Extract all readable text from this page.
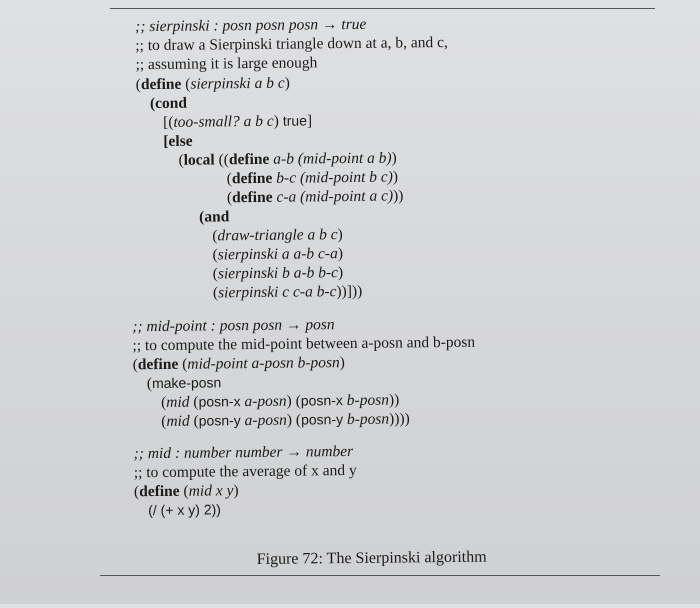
;; sierpinski : posn posn posn → true
;; to draw a Sierpinski triangle down at a, b, and c,
;; assuming it is large enough
(define (sierpinski a b c)
(cond
[(too-small? a b c) true]
[else
(local ((define a-b (mid-point a b))
(define b-c (mid-point b c))
(define c-a (mid-point a c)))
(and
(draw-triangle a b c)
(sierpinski a a-b c-a)
(sierpinski b a-b b-c)
(sierpinski c c-a b-c))]))
;; mid-point : posn posn → posn
;; to compute the mid-point between a-posn and b-posn
(define (mid-point a-posn b-posn)
(make-posn
(mid (posn-x a-posn) (posn-x b-posn))
(mid (posn-y a-posn) (posn-y b-posn))))
;; mid : number number → number
;; to compute the average of x and y
(define (mid x y)
(/ (+ x y) 2))
Figure 72: The Sierpinski algorithm
